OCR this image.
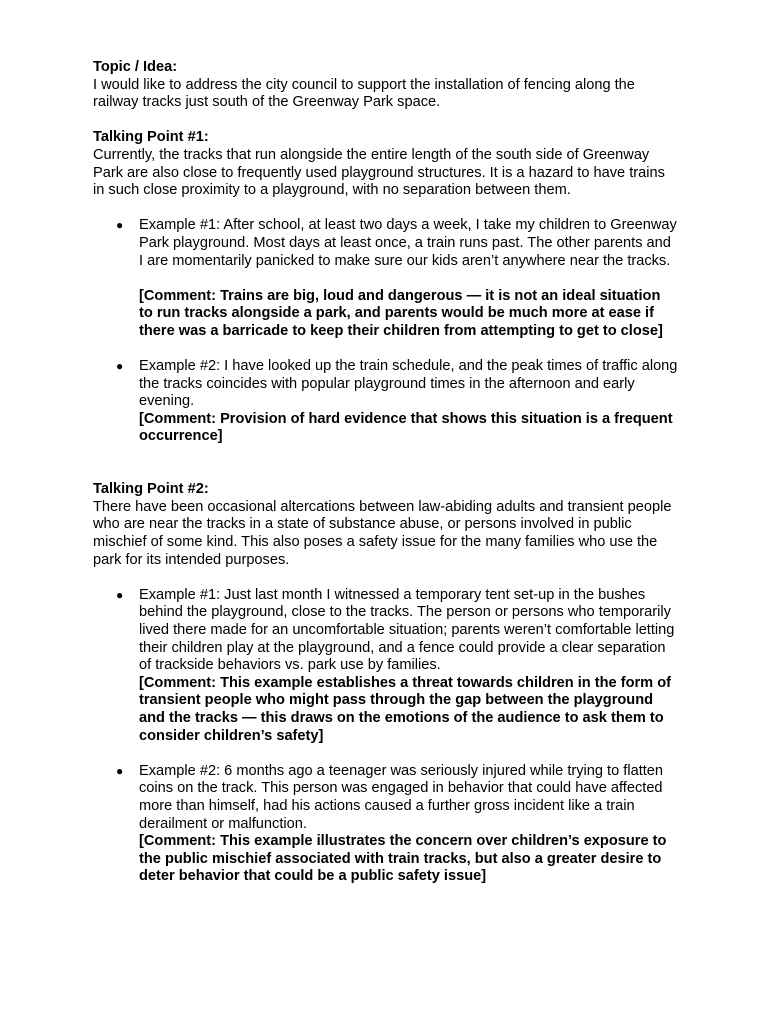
Topic / Idea:

I would like to address the city council to support the installation of fencing along the railway tracks just south of the Greenway Park space.

Talking Point #1:

Currently, the tracks that run alongside the entire length of the south side of Greenway Park are also close to frequently used playground structures. It is a hazard to have trains in such close proximity to a playground, with no separation between them.

●	Example #1: After school, at least two days a week, I take my children to Greenway Park playground. Most days at least once, a train runs past. The other parents and I are momentarily panicked to make sure our kids aren’t anywhere near the tracks.

[Comment: Trains are big, loud and dangerous — it is not an ideal situation to run tracks alongside a park, and parents would be much more at ease if there was a barricade to keep their children from attempting to get to close]

●	Example #2: I have looked up the train schedule, and the peak times of traffic along the tracks coincides with popular playground times in the afternoon and early evening.

[Comment: Provision of hard evidence that shows this situation is a frequent occurrence]

Talking Point #2:

There have been occasional altercations between law-abiding adults and transient people who are near the tracks in a state of substance abuse, or persons involved in public mischief of some kind. This also poses a safety issue for the many families who use the park for its intended purposes.

●	Example #1: Just last month I witnessed a temporary tent set-up in the bushes behind the playground, close to the tracks. The person or persons who temporarily lived there made for an uncomfortable situation; parents weren’t comfortable letting their children play at the playground, and a fence could provide a clear separation of trackside behaviors vs. park use by families.

[Comment: This example establishes a threat towards children in the form of transient people who might pass through the gap between the playground and the tracks — this draws on the emotions of the audience to ask them to consider children’s safety]

●	Example #2: 6 months ago a teenager was seriously injured while trying to flatten coins on the track. This person was engaged in behavior that could have affected more than himself, had his actions caused a further gross incident like a train derailment or malfunction.

[Comment: This example illustrates the concern over children’s exposure to the public mischief associated with train tracks, but also a greater desire to deter behavior that could be a public safety issue]
